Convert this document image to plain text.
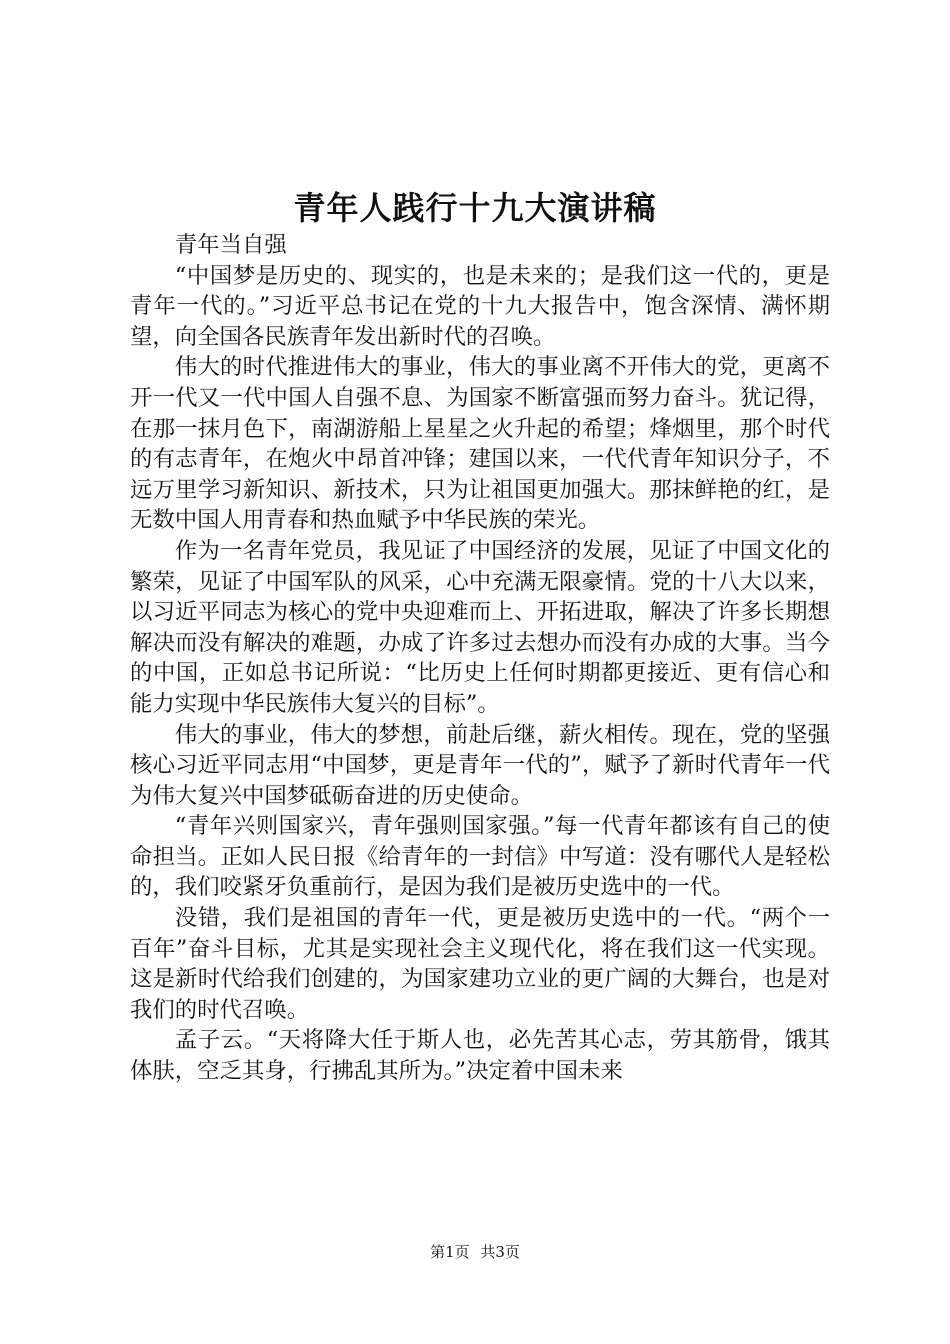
青年人践行十九大演讲稿

青年当自强

“中国梦是历史的、现实的，也是未来的；是我们这一代的，更是青年一代的。”习近平总书记在党的十九大报告中，饱含深情、满怀期望，向全国各民族青年发出新时代的召唤。

伟大的时代推进伟大的事业，伟大的事业离不开伟大的党，更离不开一代又一代中国人自强不息、为国家不断富强而努力奋斗。犹记得，在那一抹月色下，南湖游船上星星之火升起的希望；烽烟里，那个时代的有志青年，在炮火中昂首冲锋；建国以来，一代代青年知识分子，不远万里学习新知识、新技术，只为让祖国更加强大。那抹鲜艳的红，是无数中国人用青春和热血赋予中华民族的荣光。

作为一名青年党员，我见证了中国经济的发展，见证了中国文化的繁荣，见证了中国军队的风采，心中充满无限豪情。党的十八大以来，以习近平同志为核心的党中央迎难而上、开拓进取，解决了许多长期想解决而没有解决的难题，办成了许多过去想办而没有办成的大事。当今的中国，正如总书记所说：“比历史上任何时期都更接近、更有信心和能力实现中华民族伟大复兴的目标”。

伟大的事业，伟大的梦想，前赴后继，薪火相传。现在，党的坚强核心习近平同志用“中国梦，更是青年一代的”，赋予了新时代青年一代为伟大复兴中国梦砥砺奋进的历史使命。

“青年兴则国家兴，青年强则国家强。”每一代青年都该有自己的使命担当。正如人民日报《给青年的一封信》中写道：没有哪代人是轻松的，我们咬紧牙负重前行，是因为我们是被历史选中的一代。

没错，我们是祖国的青年一代，更是被历史选中的一代。“两个一百年”奋斗目标，尤其是实现社会主义现代化，将在我们这一代实现。这是新时代给我们创建的，为国家建功立业的更广阔的大舞台，也是对我们的时代召唤。

孟子云。“天将降大任于斯人也，必先苦其心志，劳其筋骨，饿其体肤，空乏其身，行拂乱其所为。”决定着中国未来

第1页 共3页
